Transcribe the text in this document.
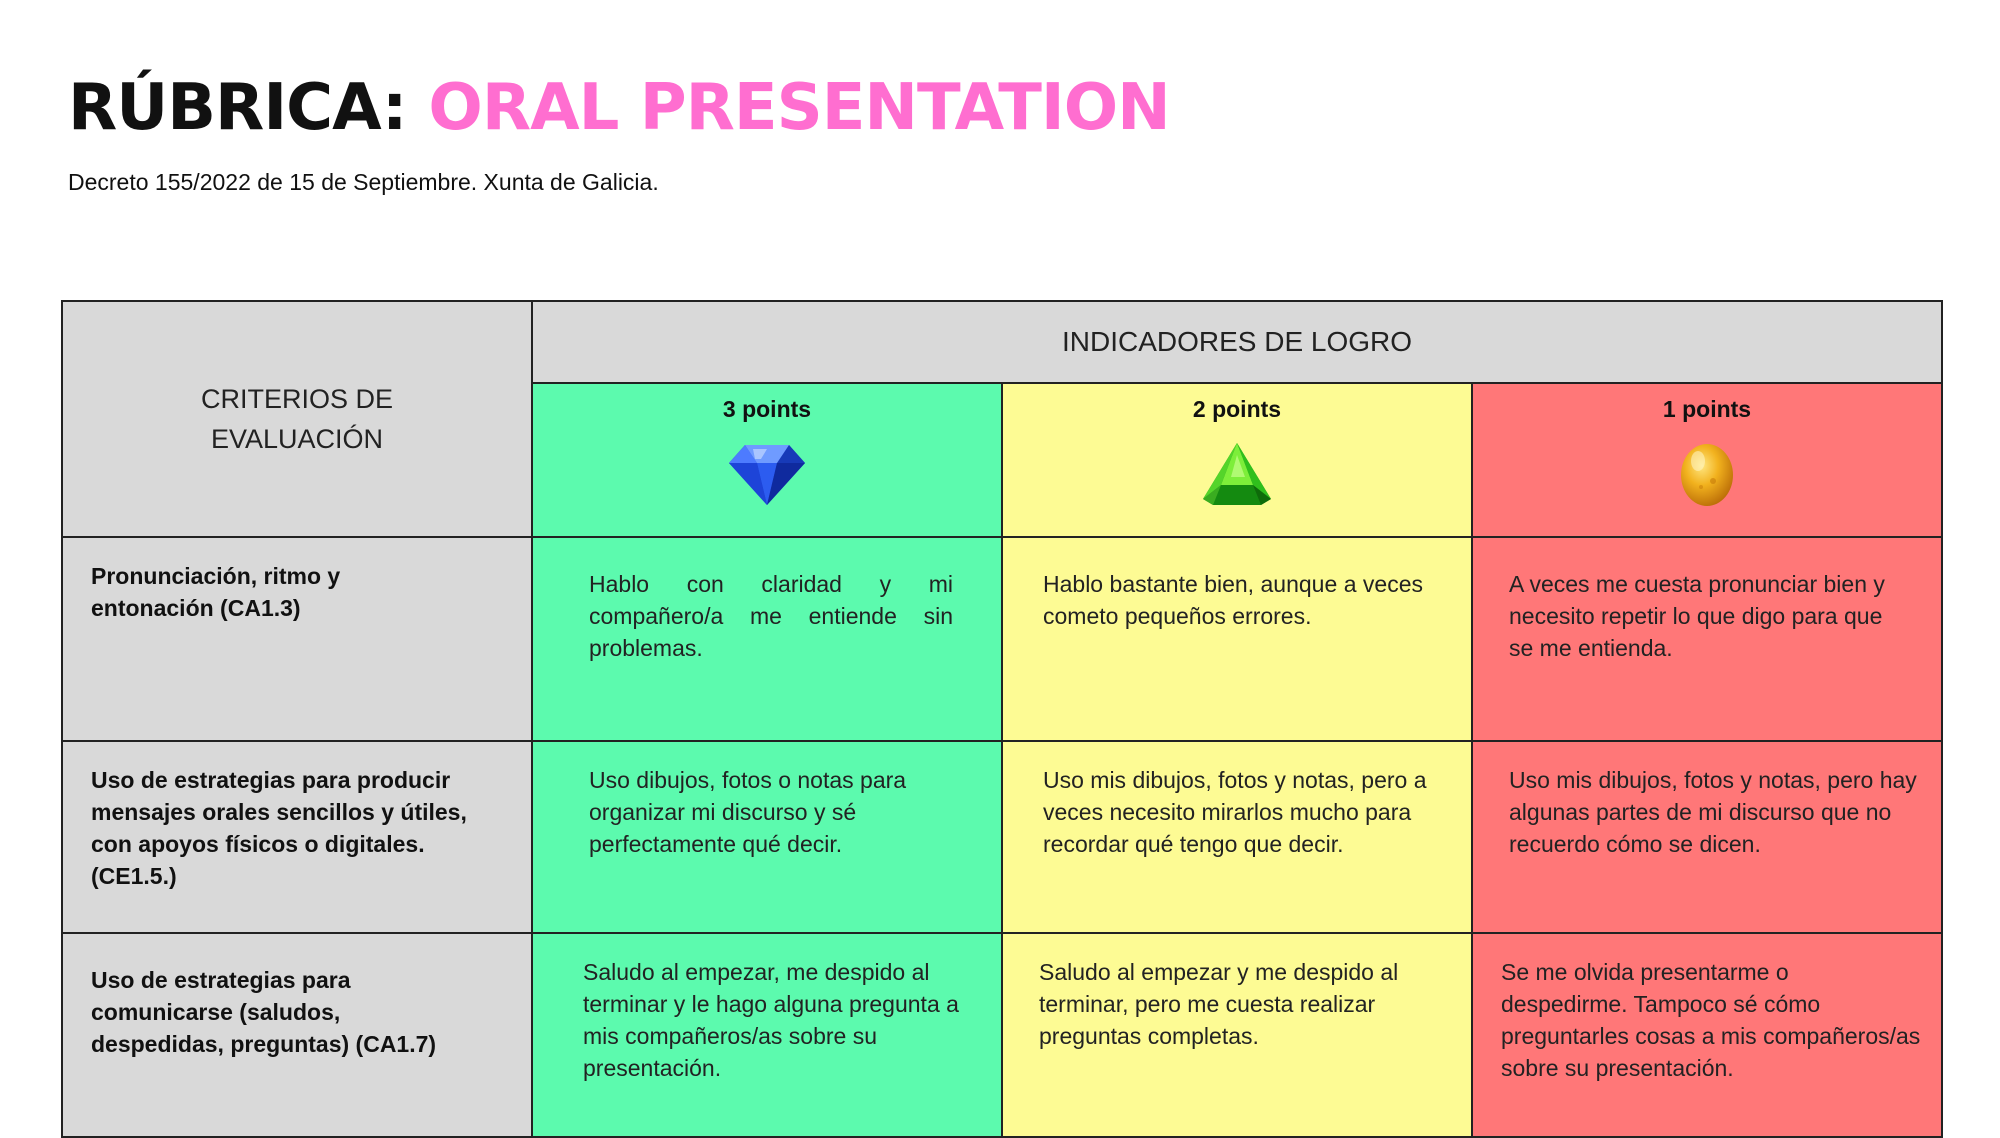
RÚBRICA: ORAL PRESENTATION

Decreto 155/2022 de 15 de Septiembre. Xunta de Galicia.

CRITERIOS DE
EVALUACIÓN	INDICADORES DE LOGRO		

	3 points	2 points	1 points

Pronunciación, ritmo y
entonación (CA1.3)	Hablo con claridad y mi compañero/a me entiende sin problemas.	Hablo bastante bien, aunque a veces cometo pequeños errores.	A veces me cuesta pronunciar bien y necesito repetir lo que digo para que se me entienda.

Uso de estrategias para producir
mensajes orales sencillos y útiles,
con apoyos físicos o digitales.
(CE1.5.)	Uso dibujos, fotos o notas para organizar mi discurso y sé perfectamente qué decir.	Uso mis dibujos, fotos y notas, pero a veces necesito mirarlos mucho para recordar qué tengo que decir.	Uso mis dibujos, fotos y notas, pero hay algunas partes de mi discurso que no recuerdo cómo se dicen.

Uso de estrategias para
comunicarse (saludos,
despedidas, preguntas) (CA1.7)	Saludo al empezar, me despido al terminar y le hago alguna pregunta a mis compañeros/as sobre su presentación.	Saludo al empezar y me despido al terminar, pero me cuesta realizar preguntas completas.	Se me olvida presentarme o despedirme. Tampoco sé cómo preguntarles cosas a mis compañeros/as sobre su presentación.
